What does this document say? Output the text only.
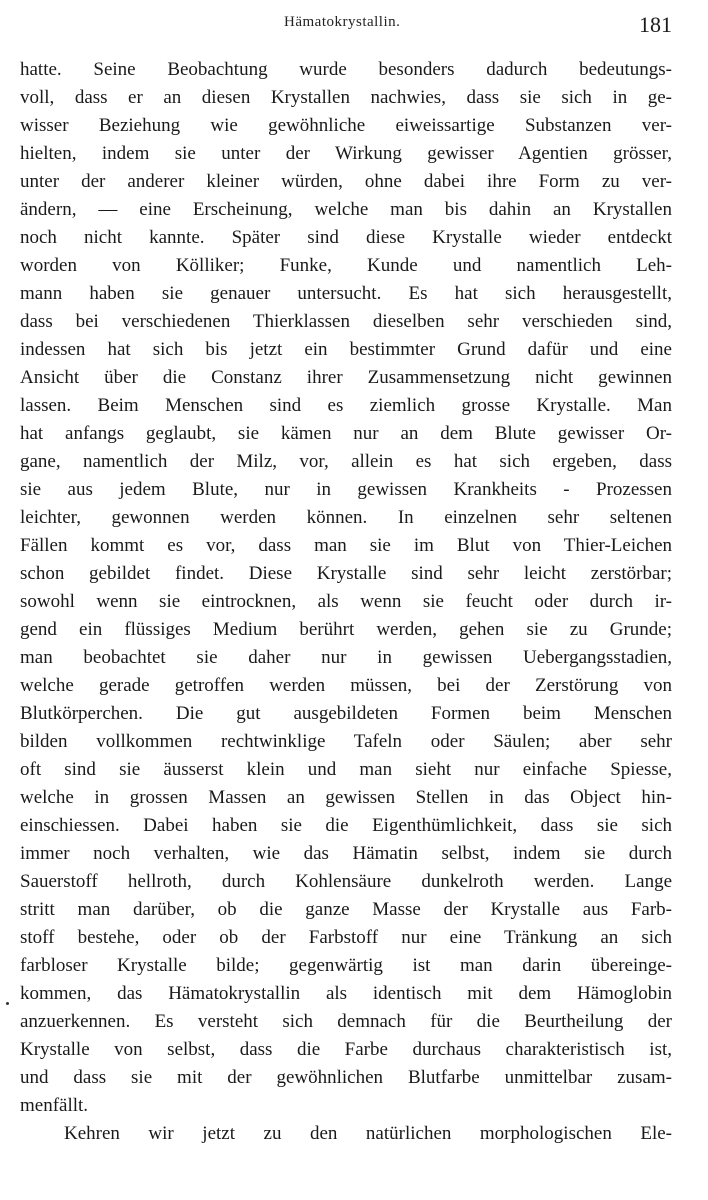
Hämatokrystallin.	181
hatte. Seine Beobachtung wurde besonders dadurch bedeutungs-
voll, dass er an diesen Krystallen nachwies, dass sie sich in ge-
wisser Beziehung wie gewöhnliche eiweissartige Substanzen ver-
hielten, indem sie unter der Wirkung gewisser Agentien grösser,
unter der anderer kleiner würden, ohne dabei ihre Form zu ver-
ändern, — eine Erscheinung, welche man bis dahin an Krystallen
noch nicht kannte. Später sind diese Krystalle wieder entdeckt
worden von Kölliker; Funke, Kunde und namentlich Leh-
mann haben sie genauer untersucht. Es hat sich herausgestellt,
dass bei verschiedenen Thierklassen dieselben sehr verschieden sind,
indessen hat sich bis jetzt ein bestimmter Grund dafür und eine
Ansicht über die Constanz ihrer Zusammensetzung nicht gewinnen
lassen. Beim Menschen sind es ziemlich grosse Krystalle. Man
hat anfangs geglaubt, sie kämen nur an dem Blute gewisser Or-
gane, namentlich der Milz, vor, allein es hat sich ergeben, dass
sie aus jedem Blute, nur in gewissen Krankheits - Prozessen
leichter, gewonnen werden können. In einzelnen sehr seltenen
Fällen kommt es vor, dass man sie im Blut von Thier-Leichen
schon gebildet findet. Diese Krystalle sind sehr leicht zerstörbar;
sowohl wenn sie eintrocknen, als wenn sie feucht oder durch ir-
gend ein flüssiges Medium berührt werden, gehen sie zu Grunde;
man beobachtet sie daher nur in gewissen Uebergangsstadien,
welche gerade getroffen werden müssen, bei der Zerstörung von
Blutkörperchen. Die gut ausgebildeten Formen beim Menschen
bilden vollkommen rechtwinklige Tafeln oder Säulen; aber sehr
oft sind sie äusserst klein und man sieht nur einfache Spiesse,
welche in grossen Massen an gewissen Stellen in das Object hin-
einschiessen. Dabei haben sie die Eigenthümlichkeit, dass sie sich
immer noch verhalten, wie das Hämatin selbst, indem sie durch
Sauerstoff hellroth, durch Kohlensäure dunkelroth werden. Lange
stritt man darüber, ob die ganze Masse der Krystalle aus Farb-
stoff bestehe, oder ob der Farbstoff nur eine Tränkung an sich
farbloser Krystalle bilde; gegenwärtig ist man darin übereinge-
kommen, das Hämatokrystallin als identisch mit dem Hämoglobin
anzuerkennen. Es versteht sich demnach für die Beurtheilung der
Krystalle von selbst, dass die Farbe durchaus charakteristisch ist,
und dass sie mit der gewöhnlichen Blutfarbe unmittelbar zusam-
menfällt.
Kehren wir jetzt zu den natürlichen morphologischen Ele-
